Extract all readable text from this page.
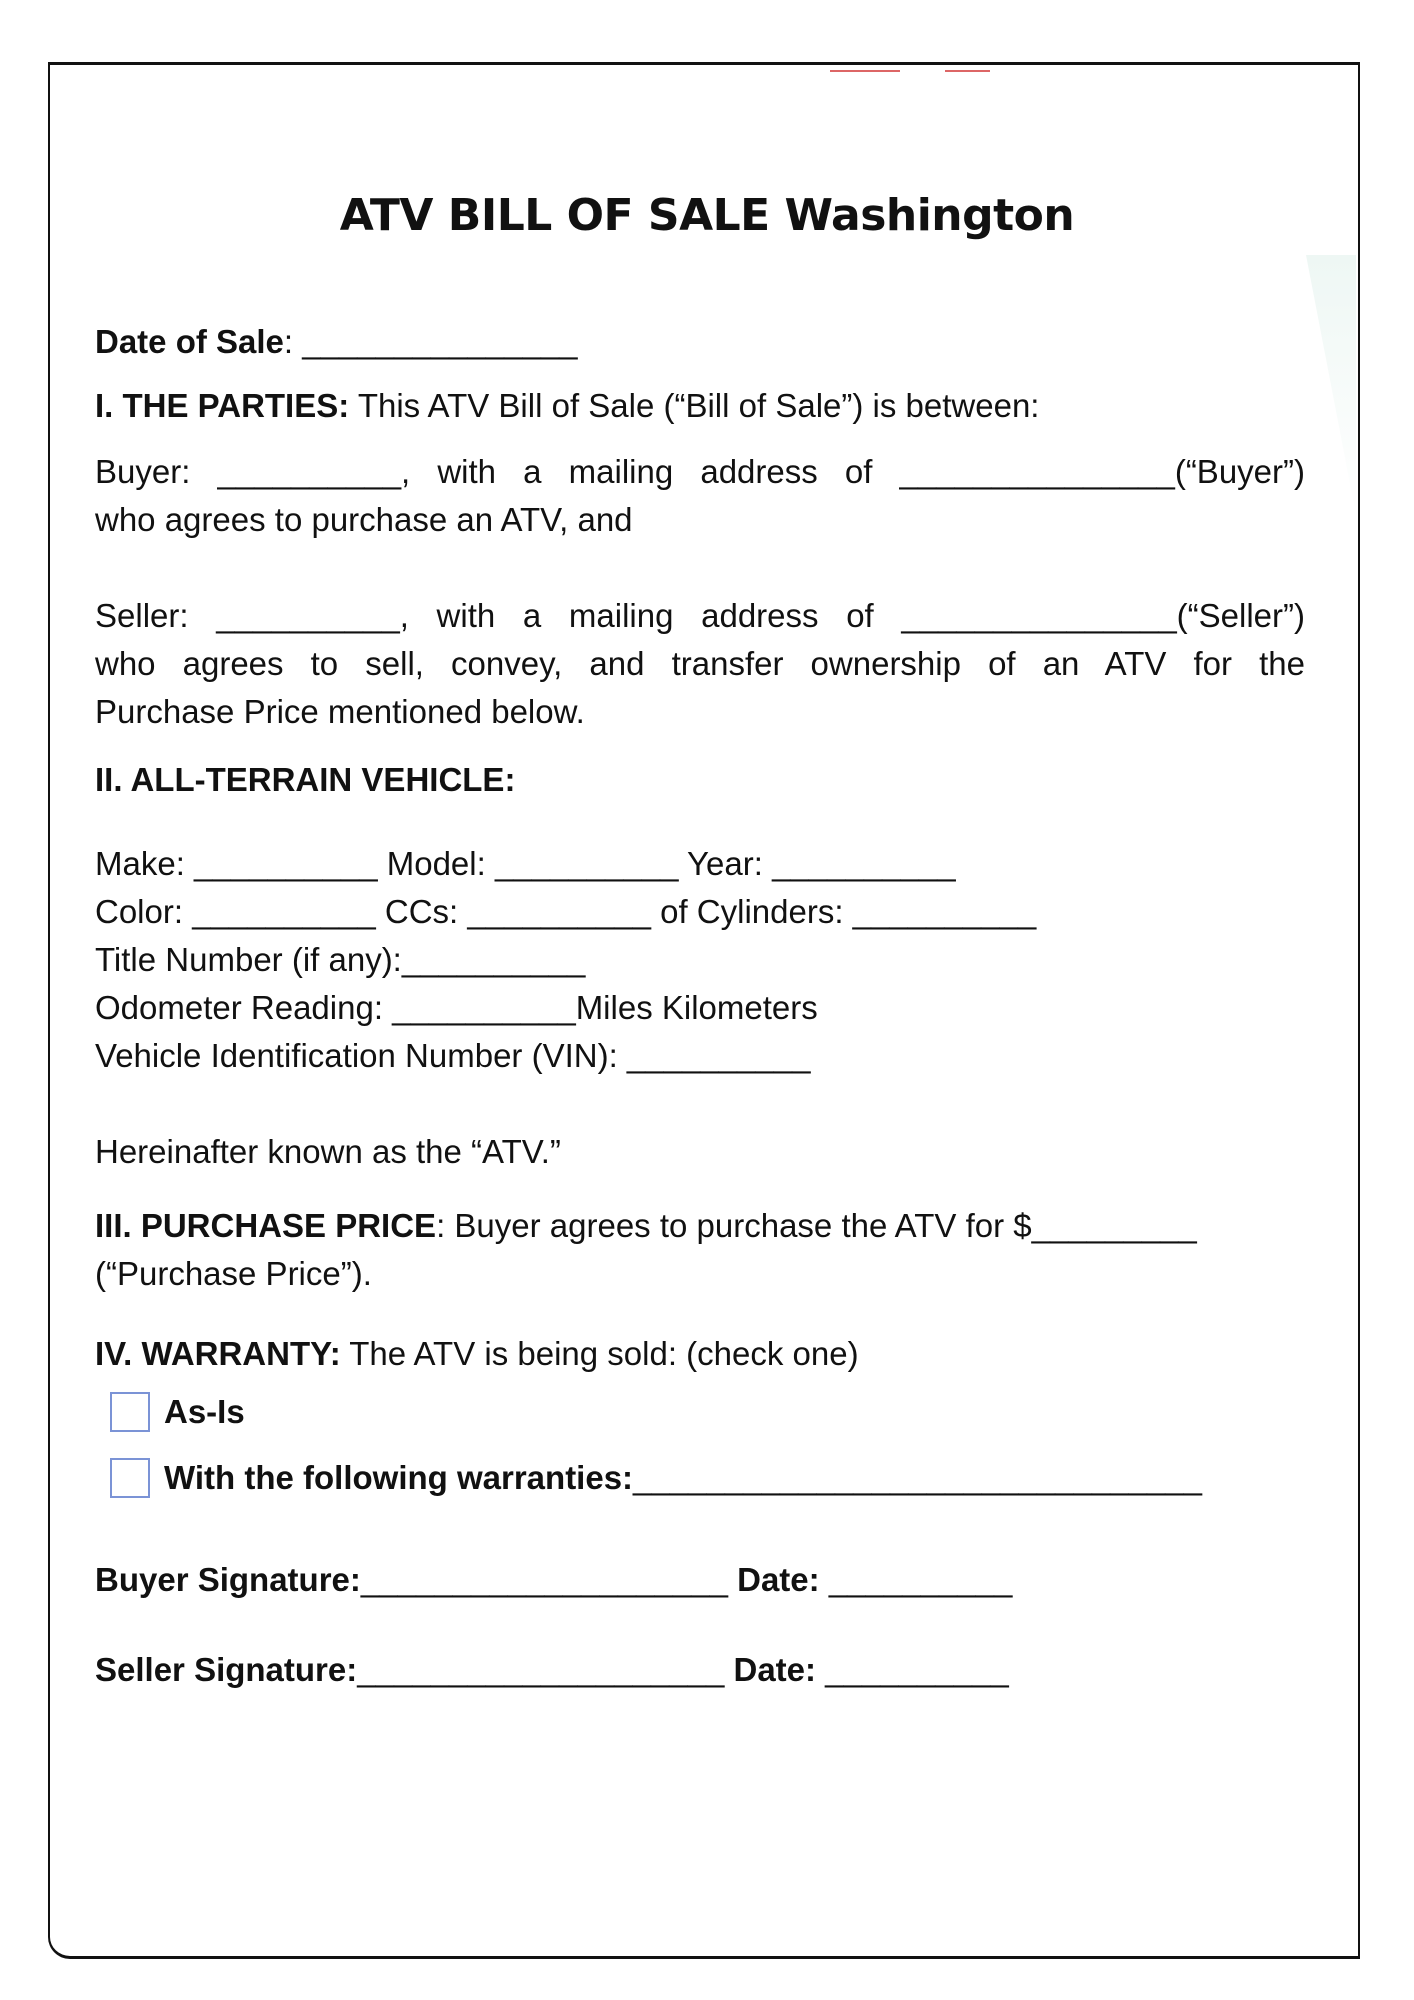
ATV BILL OF SALE Washington

Date of Sale: _______________

I. THE PARTIES: This ATV Bill of Sale (“Bill of Sale”) is between:

Buyer: __________, with a mailing address of _______________(“Buyer”)
who agrees to purchase an ATV, and
Seller: __________, with a mailing address of _______________(“Seller”)
who agrees to sell, convey, and transfer ownership of an ATV for the
Purchase Price mentioned below.

II. ALL-TERRAIN VEHICLE:

Make: __________ Model: __________ Year: __________
Color: __________ CCs: __________ of Cylinders: __________
Title Number (if any):__________
Odometer Reading: __________Miles Kilometers
Vehicle Identification Number (VIN): __________
Hereinafter known as the “ATV.”
III. PURCHASE PRICE: Buyer agrees to purchase the ATV for $_________
(“Purchase Price”).
IV. WARRANTY: The ATV is being sold: (check one)
As-Is
With the following warranties: _______________________________
Buyer Signature:____________________ Date: __________
Seller Signature:____________________ Date: __________
